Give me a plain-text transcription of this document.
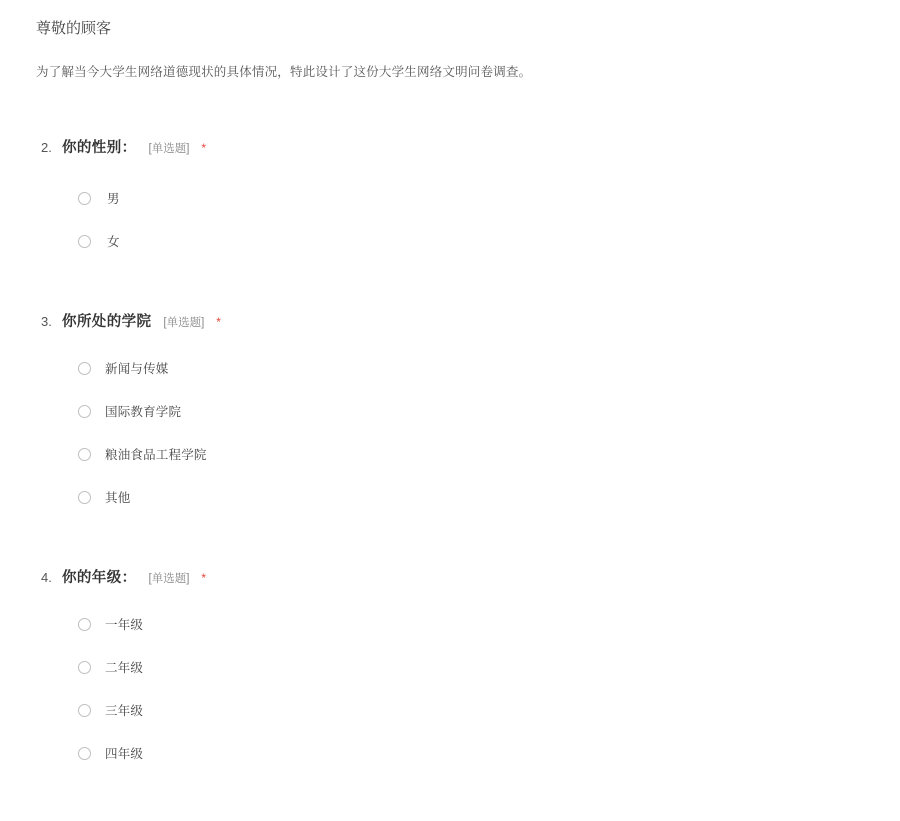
尊敬的顾客
为了解当今大学生网络道德现状的具体情况，特此设计了这份大学生网络文明问卷调查。
2. 你的性别： [单选题] *
男
女
3. 你所处的学院 [单选题] *
新闻与传媒
国际教育学院
粮油食品工程学院
其他
4. 你的年级： [单选题] *
一年级
二年级
三年级
四年级
